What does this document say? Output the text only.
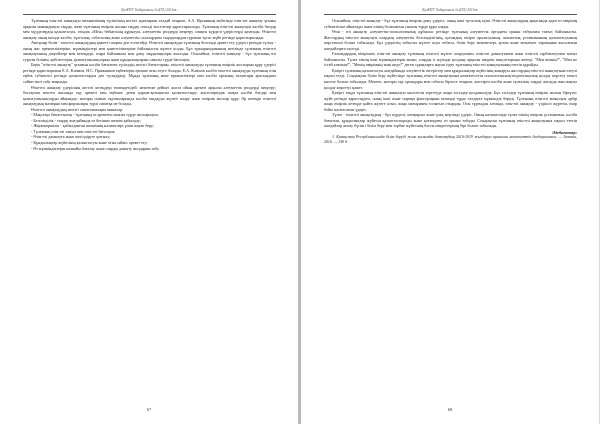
ҚазҰПУ Хабаршысы №2(55) 2016ж.

Тұлғаның өзін-өзі анықтауы механизмінің түсінігінің негізгі идеяларын талдай отырып, А.А. Ирхинның еңбегінде өзін-өзі анықтау ұғымы арқылы мамандықты таңдау, жеке тұлғаның өмірлік жолын таңдау секілді мәселелер қарастырылады. Тұлғаның өзін-өзі анықтауы кәсіби бағдар мен мүдделердің қалыптасуы, өзіндік «Мен» бейнесінің құрылуы, әлеуметтік рөлдерді меңгеру сияқты күрделі үдерістерді қамтиды. Өзін-өзі анықтау оның ішінде кәсіби, тұлғалық, отбасылық және әлеуметтік салалардағы таңдаулардан тұратын тұтас жүйе ретінде қарастырылады.

Авторлар білім - өзін-өзі анықтаудың қажетті шарты деп есептейді. Өзін-өзі анықтауды тұлғаның белсенді әрекет ету үдерісі ретінде түсіну - оның жас ерекшеліктеріне, мүмкіндіктері мен қажеттіліктеріне байланысты жүзеге асады. Бұл тұжырымдаманың негізінде тұлғаның өзін-өзі анықтауының деңгейлері мен кезеңдері, өзара байланысы мен даму заңдылықтары жасалды. Осылайша, өзін-өзі анықтау - бұл тұлғаның өзі туралы білімін, қабілеттерін, қызығушылықтарын және құндылықтарын саналы түрде бағалауы.

Берік "өзін-өзі анықтау" ұғымын кәсіби бағытпен түсінудің негізгі бағыттарын, өзін-өзі анықтауды тұлғаның өмірлік жоспарын құру үдерісі ретінде қарастыратын Е.А. Климов, Н.С. Пряжников еңбектерін ерекше атап өтуге болады. Е.А. Климов кәсіби өзін-өзі анықтауды тұлғаның өзін еңбек субъектісі ретінде қалыптастыруы деп түсіндіреді. Мұнда тұлғаның жеке ерекшеліктері мен кәсіби ортаның талаптары арасындағы сәйкестікті табу маңызды.

Өзін-өзі анықтау үдерісінің негізгі кезеңдері төмендегідей: мектепке дейінгі жаста ойын әрекеті арқылы әлеуметтік рөлдерді меңгеру; бастауыш мектеп жасында оқу әрекеті мен еңбекке деген қарым-қатынасты қалыптастыру; жасөспірімдік шақта кәсіби бағдар мен қызығушылықтарды айқындау; жоғары сынып оқушыларында кәсіби таңдауды жүзеге асыру және өмірлік жоспар құру. Әр кезеңде өзін-өзі анықтаудың мазмұны мен формалары түрлі сипатқа ие болады.

Өзін-өзі анықтаудың негізгі сипаттамалары мыналар:

- Мақсатқа бағыттылық - тұлғаның өз әрекетін саналы түрде жоспарлауы;

- Белсенділік - таңдау жағдайында өз бетінше шешім қабылдау;

- Жауапкершілік - қабылданған шешімнің нәтижелері үшін жауап беру;

- Тұлғаның өзін-өзі тануы мен өзін-өзі бағалауы;

- Өзін-өзі дамытуға және жетілдіруге ұмтылу;

- Құндылықтар жүйесінің қалыптасуы және оған сәйкес әрекет ету;

- Өз мүмкіндіктерін шынайы бағалау және оларды дамыту жолдарын табу.

67
ҚазҰПУ Хабаршысы №2(55) 2016ж.

Осылайша, өзін-өзі анықтау - бұл тұлғаның өмірлік даму үдерісі, оның ішкі тұтастық күші. Өзін-өзі анықтаудың арқасында адам өз өмірінің субъектісіне айналады және өзінің болашағын саналы түрде құра алады.

Өзін - өзі анықтау әлеуметтік-психологиялық құбылыс ретінде тұлғаның әлеуметтік ортадағы орнын табуымен тығыз байланысты. Жастардың өзін-өзі анықтауы олардың әлеуметтік белсенділігінің, қоғамдық өмірге араласуының, азаматтық ұстанымының қалыптасуының көрсеткіші болып табылады. Бұл үдерістің табысты жүзеге асуы отбасы, білім беру мекемелері, қоғам және мемлекет тарапынан жасалатын жағдайларға тәуелді.

Ғалымдардың пікірінше, өзін-өзі анықтау тұлғаның өзін-өзі жүзеге асыруымен, өзін-өзі дамытуымен және өзін-өзі тәрбиелеуімен тығыз байланысты. Тұлға өзінің ішкі мүмкіндіктерін ашып, оларды іс жүзінде қолдану арқылы өмірлік мақсаттарына жетеді. "Мен кіммін?", "Мен не істей аламын?", "Менің өмірімнің мәні неде?" деген сұрақтарға жауап іздеу тұлғаның өзін-өзі анықтауының өзегін құрайды.

Қазіргі тұлғаның қалыптасуы жағдайында әлеуметтік өзгерістер мен құндылықтар жүйесінің жаңаруы жастардың өзін-өзі анықтауына елеулі ықпал етеді. Сондықтан білім беру жүйесінде тұлғаның өзін-өзі анықтауына көмектесетін психологиялық-педагогикалық қолдау көрсету өзекті мәселе болып табылады. Мектеп, жоғары оқу орындары мен отбасы бірлесе отырып, жастарға кәсіби және тұлғалық таңдау жасауда жан-жақты қолдау көрсетуі қажет.

Қазіргі таңда тұлғаның өзін-өзі анықтауы мәселесін зерттеуде жаңа тәсілдер қолданылуда. Бұл тәсілдер тұлғаның өмірлік жолын біртұтас жүйе ретінде қарастыруға, оның ішкі және сыртқы факторларын кешенді түрде талдауға мүмкіндік береді. Тұлғаның өзін-өзі анықтауы әрбір жаңа өмірлік кезеңде қайта жүзеге асып, жаңа мазмұнмен толығып отырады. Осы тұрғыдан алғанда, өзін-өзі анықтау - үздіксіз жүретін, өмір бойы жалғасатын үдеріс.

Тұлға - өзін-өзі анықтаудың - бұл күрделі, көпқырлы және ұзақ мерзімді үдеріс. Оның нәтижесінде тұлға өзінің өмірлік ұстанымын, кәсіби бағытын, құндылықтар жүйесін қалыптастырады және қоғамдағы өз орнын табады. Сондықтан тұлғаның өзін-өзі анықтауына ықпал ететін жағдайлар жасау бүгінгі білім беру мен тәрбие жүйесінің басты міндеттерінің бірі болып табылады.

Әдебиеттер:

1. Қазақстан Республикасында білім беруді және ғылымды дамытудың 2016-2019 жылдарға арналған мемлекеттік бағдарламасы. — Астана, 2016. — 156 б.

68
